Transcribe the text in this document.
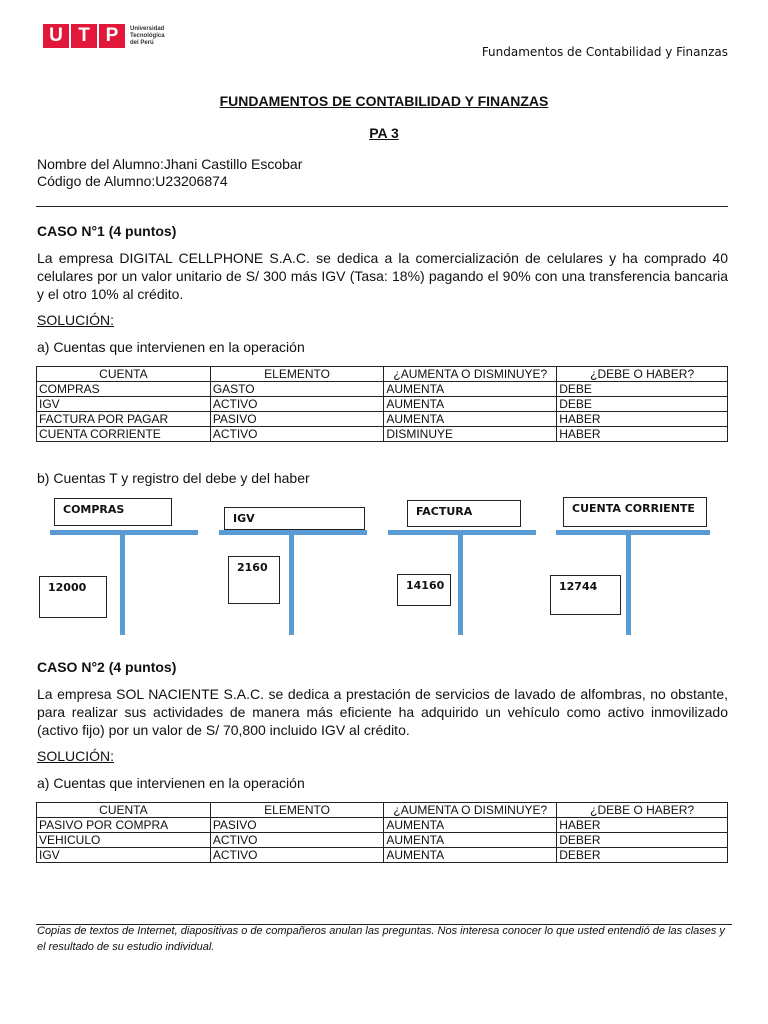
U T P	Universidad
Tecnológica
del Perú
Fundamentos de Contabilidad y Finanzas
FUNDAMENTOS DE CONTABILIDAD Y FINANZAS
PA 3
Nombre del Alumno:Jhani Castillo Escobar
Código de Alumno:U23206874
CASO N°1 (4 puntos)
La empresa DIGITAL CELLPHONE S.A.C. se dedica a la comercialización de celulares y ha comprado 40 celulares por un valor unitario de S/ 300 más IGV (Tasa: 18%) pagando el 90% con una transferencia bancaria y el otro 10% al crédito.
SOLUCIÓN:
a) Cuentas que intervienen en la operación
CUENTA	ELEMENTO	¿AUMENTA O DISMINUYE?	¿DEBE O HABER?
COMPRAS	GASTO	AUMENTA	DEBE
IGV	ACTIVO	AUMENTA	DEBE
FACTURA POR PAGAR	PASIVO	AUMENTA	HABER
CUENTA CORRIENTE	ACTIVO	DISMINUYE	HABER
b) Cuentas T y registro del debe y del haber
COMPRAS
12000
IGV
2160
FACTURA
14160
CUENTA CORRIENTE
12744
CASO N°2 (4 puntos)
La empresa SOL NACIENTE S.A.C. se dedica a prestación de servicios de lavado de alfombras, no obstante, para realizar sus actividades de manera más eficiente ha adquirido un vehículo como activo inmovilizado (activo fijo) por un valor de S/ 70,800 incluido IGV al crédito.
SOLUCIÓN:
a) Cuentas que intervienen en la operación
CUENTA	ELEMENTO	¿AUMENTA O DISMINUYE?	¿DEBE O HABER?
PASIVO POR COMPRA	PASIVO	AUMENTA	HABER
VEHICULO	ACTIVO	AUMENTA	DEBER
IGV	ACTIVO	AUMENTA	DEBER
Copias de textos de Internet, diapositivas o de compañeros anulan las preguntas. Nos interesa conocer lo que usted entendió de las clases y el resultado de su estudio individual.
